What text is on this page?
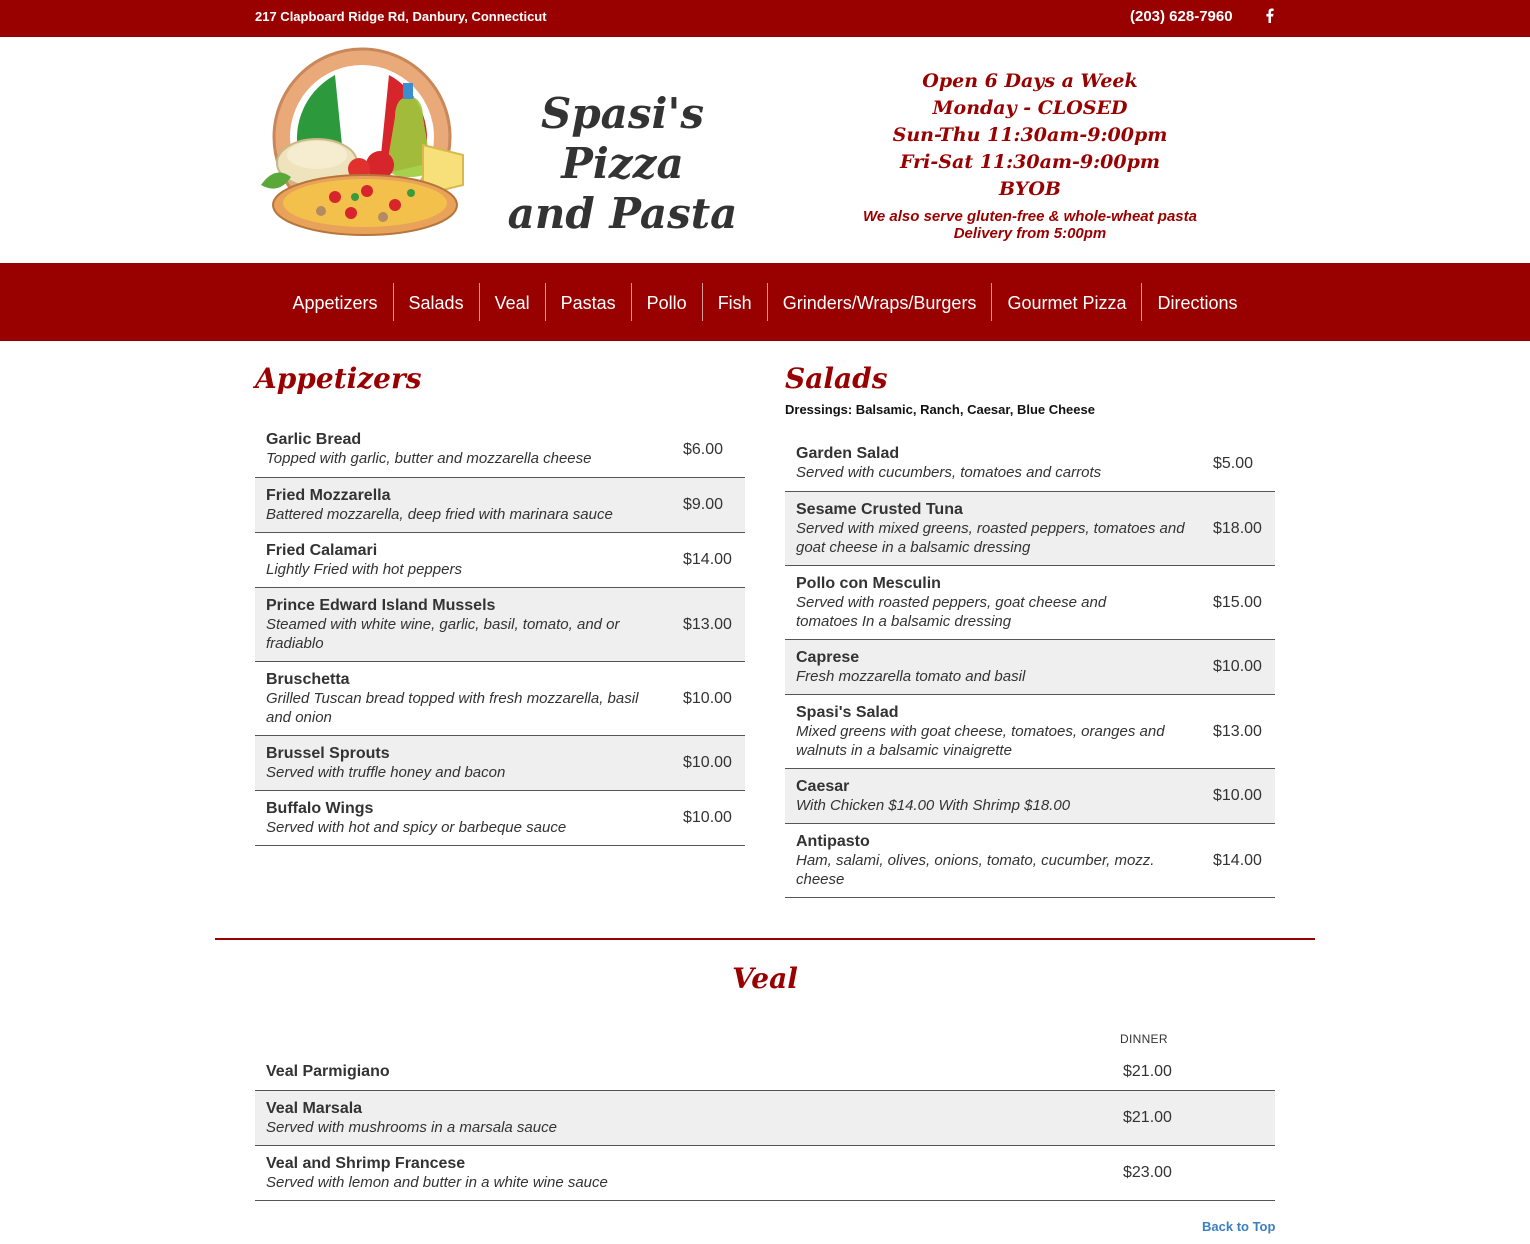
217 Clapboard Ridge Rd, Danbury, Connecticut	(203) 628-7960
Spasi's Pizza
and Pasta
Open 6 Days a Week
Monday - CLOSED
Sun-Thu 11:30am-9:00pm
Fri-Sat 11:30am-9:00pm
BYOB
We also serve gluten-free & whole-wheat pasta
Delivery from 5:00pm
Appetizers	Salads	Veal	Pastas	Pollo	Fish	Grinders/Wraps/Burgers	Gourmet Pizza	Directions
Appetizers
Garlic Bread
Topped with garlic, butter and mozzarella cheese
$6.00
Fried Mozzarella
Battered mozzarella, deep fried with marinara sauce
$9.00
Fried Calamari
Lightly Fried with hot peppers
$14.00
Prince Edward Island Mussels
Steamed with white wine, garlic, basil, tomato, and or fradiablo
$13.00
Bruschetta
Grilled Tuscan bread topped with fresh mozzarella, basil and onion
$10.00
Brussel Sprouts
Served with truffle honey and bacon
$10.00
Buffalo Wings
Served with hot and spicy or barbeque sauce
$10.00
Salads
Dressings: Balsamic, Ranch, Caesar, Blue Cheese
Garden Salad
Served with cucumbers, tomatoes and carrots
$5.00
Sesame Crusted Tuna
Served with mixed greens, roasted peppers, tomatoes and goat cheese in a balsamic dressing
$18.00
Pollo con Mesculin
Served with roasted peppers, goat cheese and tomatoes In a balsamic dressing
$15.00
Caprese
Fresh mozzarella tomato and basil
$10.00
Spasi's Salad
Mixed greens with goat cheese, tomatoes, oranges and walnuts in a balsamic vinaigrette
$13.00
Caesar
With Chicken $14.00 With Shrimp $18.00
$10.00
Antipasto
Ham, salami, olives, onions, tomato, cucumber, mozz. cheese
$14.00
Veal
DINNER
Veal Parmigiano	$21.00
Veal Marsala
Served with mushrooms in a marsala sauce
$21.00
Veal and Shrimp Francese
Served with lemon and butter in a white wine sauce
$23.00
Back to Top
